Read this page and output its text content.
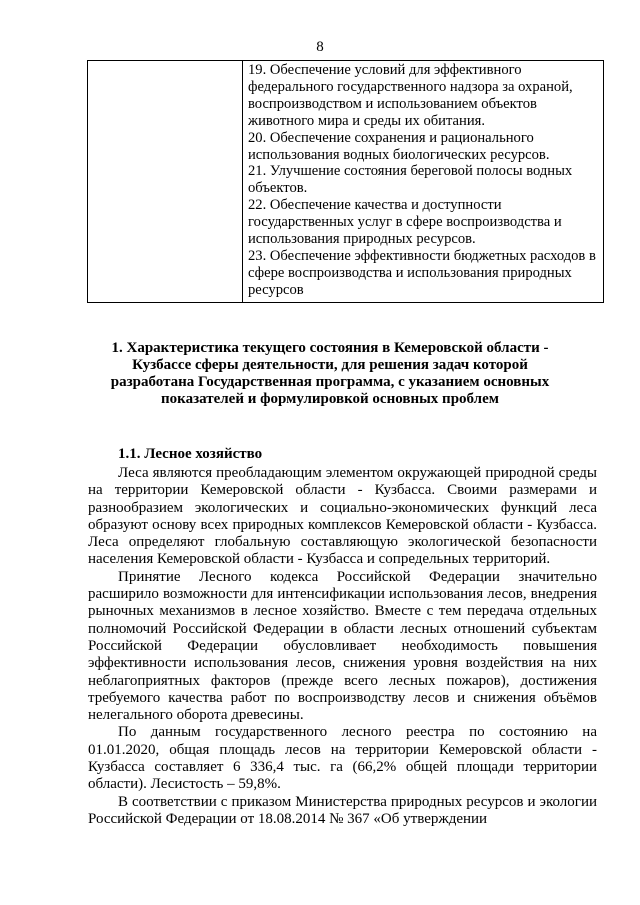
8

19. Обеспечение условий для эффективного федерального государственного надзора за охраной, воспроизводством и использованием объектов животного мира и среды их обитания.
20. Обеспечение сохранения и рационального использования водных биологических ресурсов.
21. Улучшение состояния береговой полосы водных объектов.
22. Обеспечение качества и доступности государственных услуг в сфере воспроизводства и использования природных ресурсов.
23. Обеспечение эффективности бюджетных расходов в сфере воспроизводства и использования природных ресурсов
1. Характеристика текущего состояния в Кемеровской области - Кузбассе сферы деятельности, для решения задач которой разработана Государственная программа, с указанием основных показателей и формулировкой основных проблем
1.1. Лесное хозяйство

Леса являются преобладающим элементом окружающей природной среды на территории Кемеровской области - Кузбасса. Своими размерами и разнообразием экологических и социально-экономических функций леса образуют основу всех природных комплексов Кемеровской области - Кузбасса. Леса определяют глобальную составляющую экологической безопасности населения Кемеровской области - Кузбасса и сопредельных территорий.

Принятие Лесного кодекса Российской Федерации значительно расширило возможности для интенсификации использования лесов, внедрения рыночных механизмов в лесное хозяйство. Вместе с тем передача отдельных полномочий Российской Федерации в области лесных отношений субъектам Российской Федерации обусловливает необходимость повышения эффективности использования лесов, снижения уровня воздействия на них неблагоприятных факторов (прежде всего лесных пожаров), достижения требуемого качества работ по воспроизводству лесов и снижения объёмов нелегального оборота древесины.

По данным государственного лесного реестра по состоянию на 01.01.2020, общая площадь лесов на территории Кемеровской области - Кузбасса составляет 6 336,4 тыс. га (66,2% общей площади территории области). Лесистость – 59,8%.

В соответствии с приказом Министерства природных ресурсов и экологии Российской Федерации от 18.08.2014 № 367 «Об утверждении
